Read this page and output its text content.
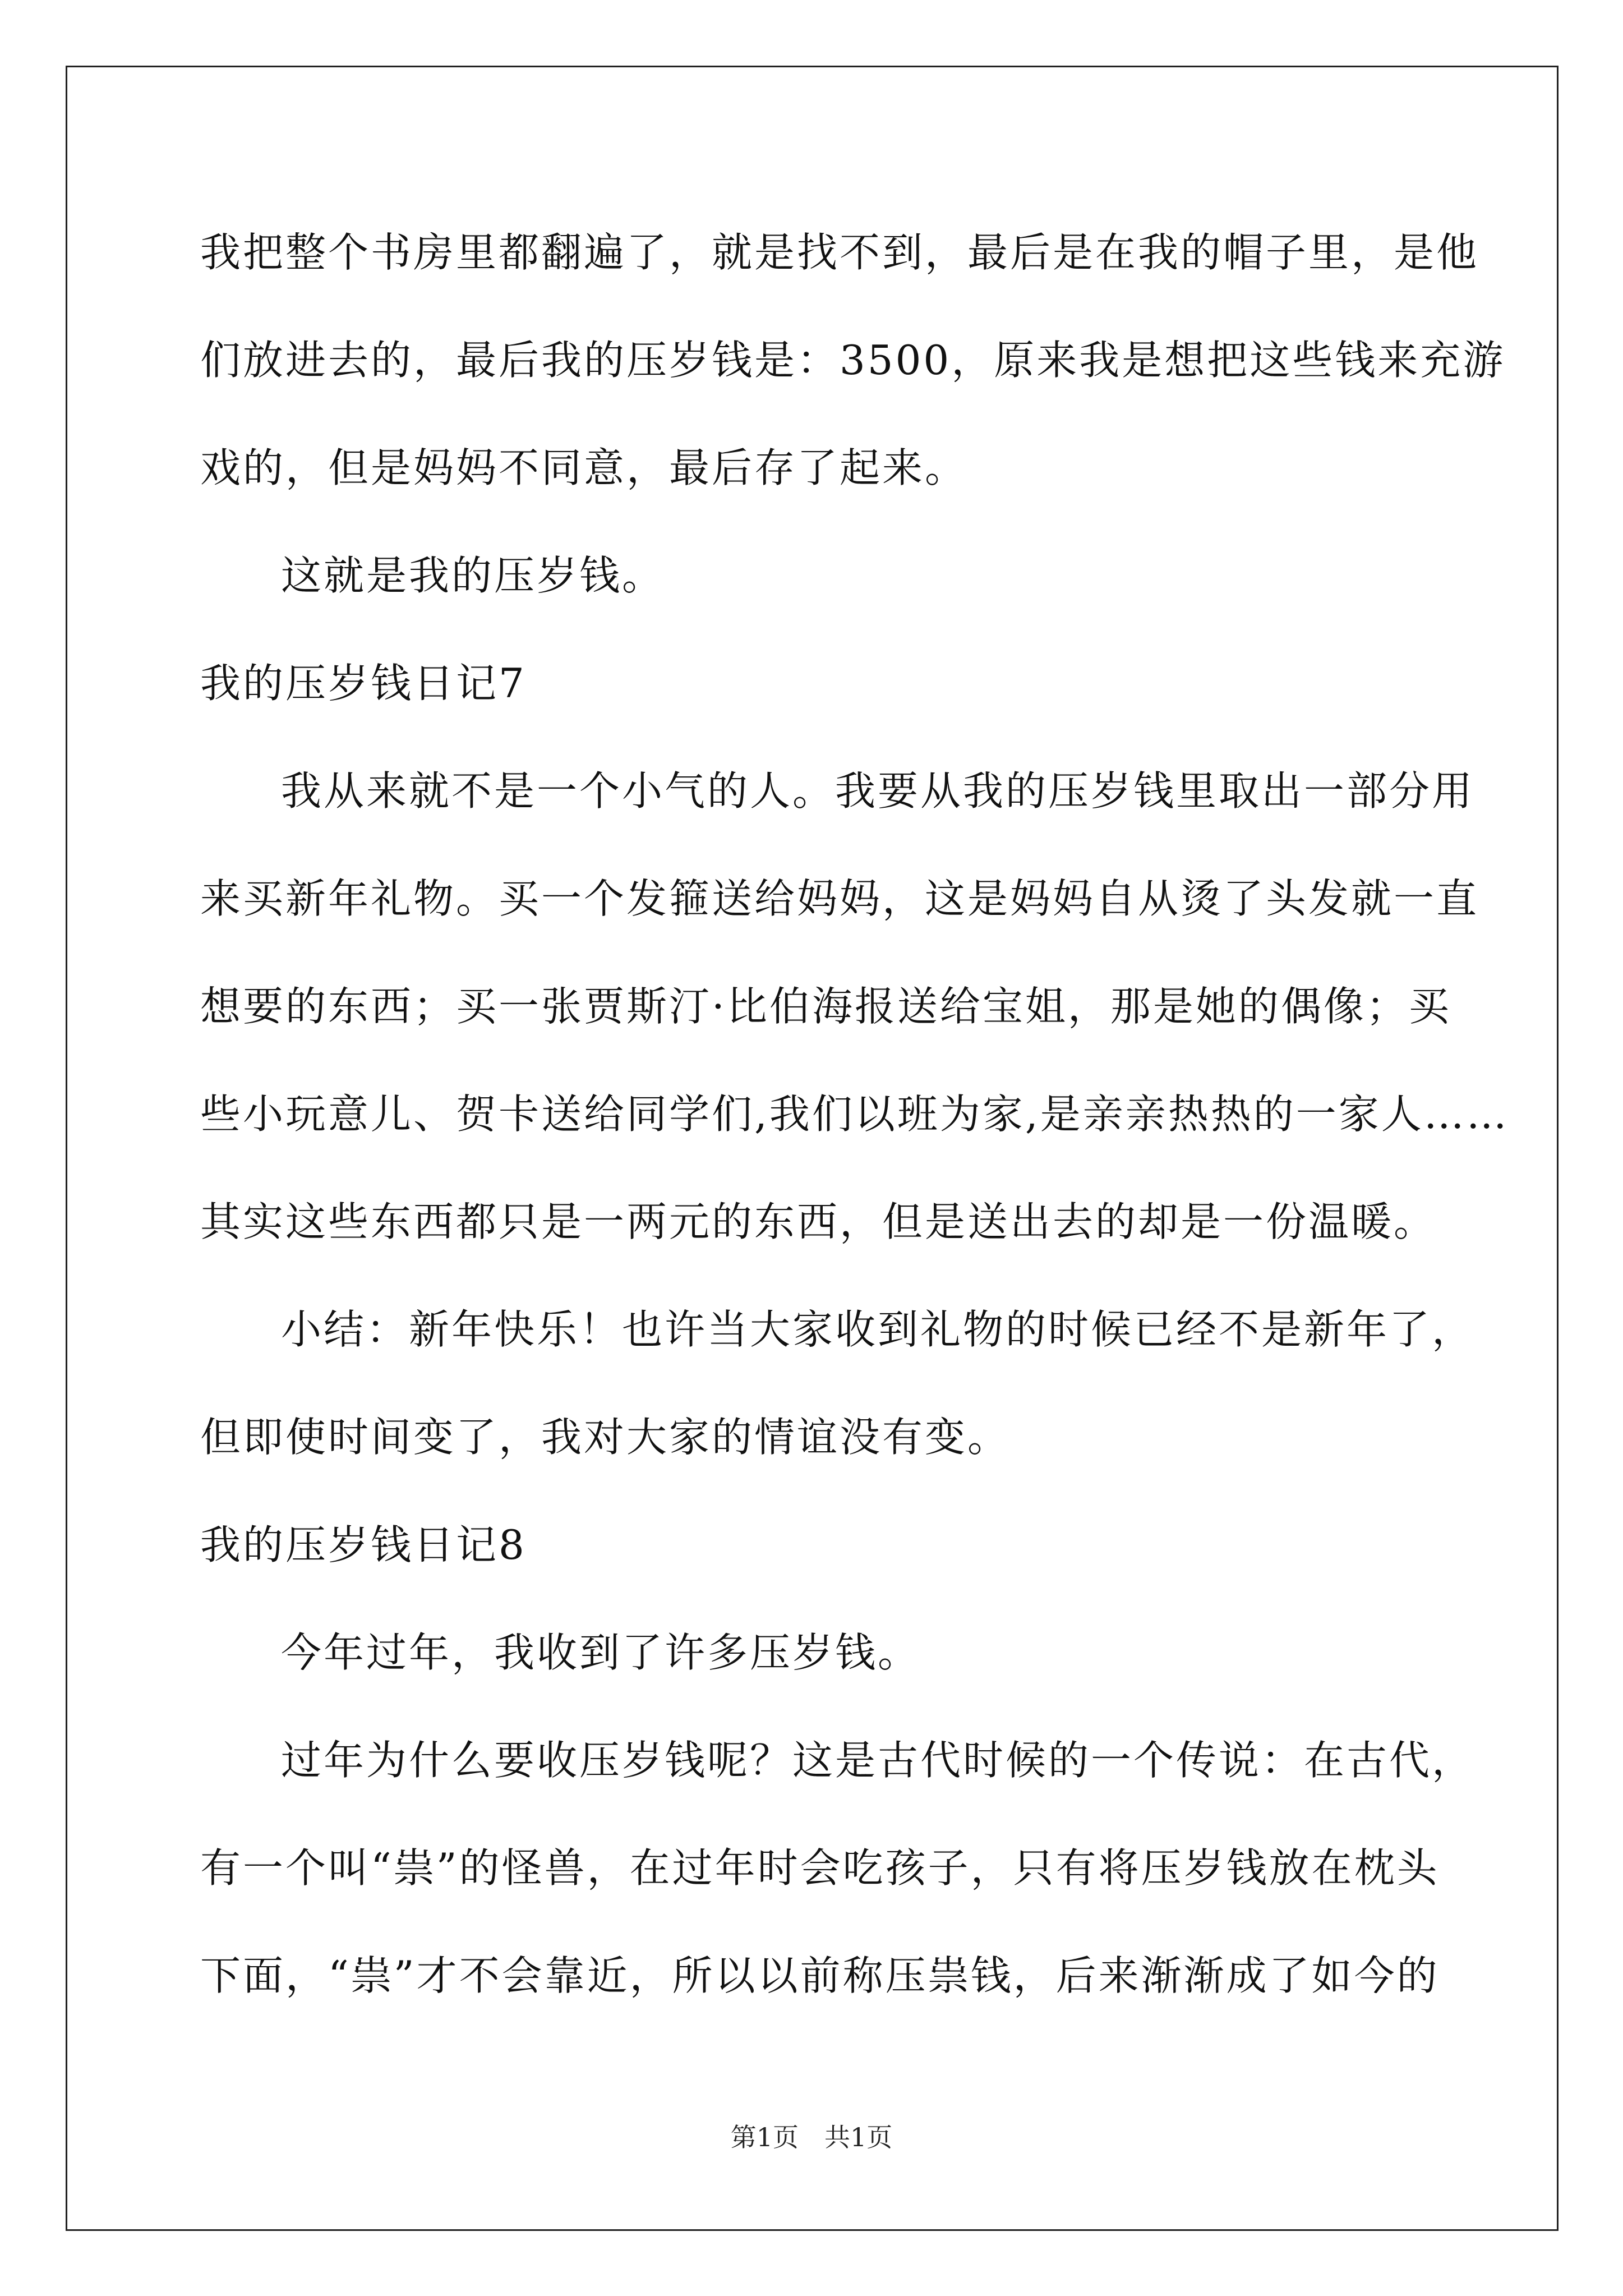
我把整个书房里都翻遍了，就是找不到，最后是在我的帽子里，是他
们放进去的，最后我的压岁钱是：3500，原来我是想把这些钱来充游
戏的，但是妈妈不同意，最后存了起来。
这就是我的压岁钱。
我的压岁钱日记7
我从来就不是一个小气的人。我要从我的压岁钱里取出一部分用
来买新年礼物。买一个发箍送给妈妈，这是妈妈自从烫了头发就一直
想要的东西；买一张贾斯汀·比伯海报送给宝姐，那是她的偶像；买
些小玩意儿、贺卡送给同学们,我们以班为家,是亲亲热热的一家人……
其实这些东西都只是一两元的东西，但是送出去的却是一份温暖。
小结：新年快乐！也许当大家收到礼物的时候已经不是新年了，
但即使时间变了，我对大家的情谊没有变。
我的压岁钱日记8
今年过年，我收到了许多压岁钱。
过年为什么要收压岁钱呢？这是古代时候的一个传说：在古代，
有一个叫“祟”的怪兽，在过年时会吃孩子，只有将压岁钱放在枕头
下面，“祟”才不会靠近，所以以前称压祟钱，后来渐渐成了如今的
第1页　共1页
